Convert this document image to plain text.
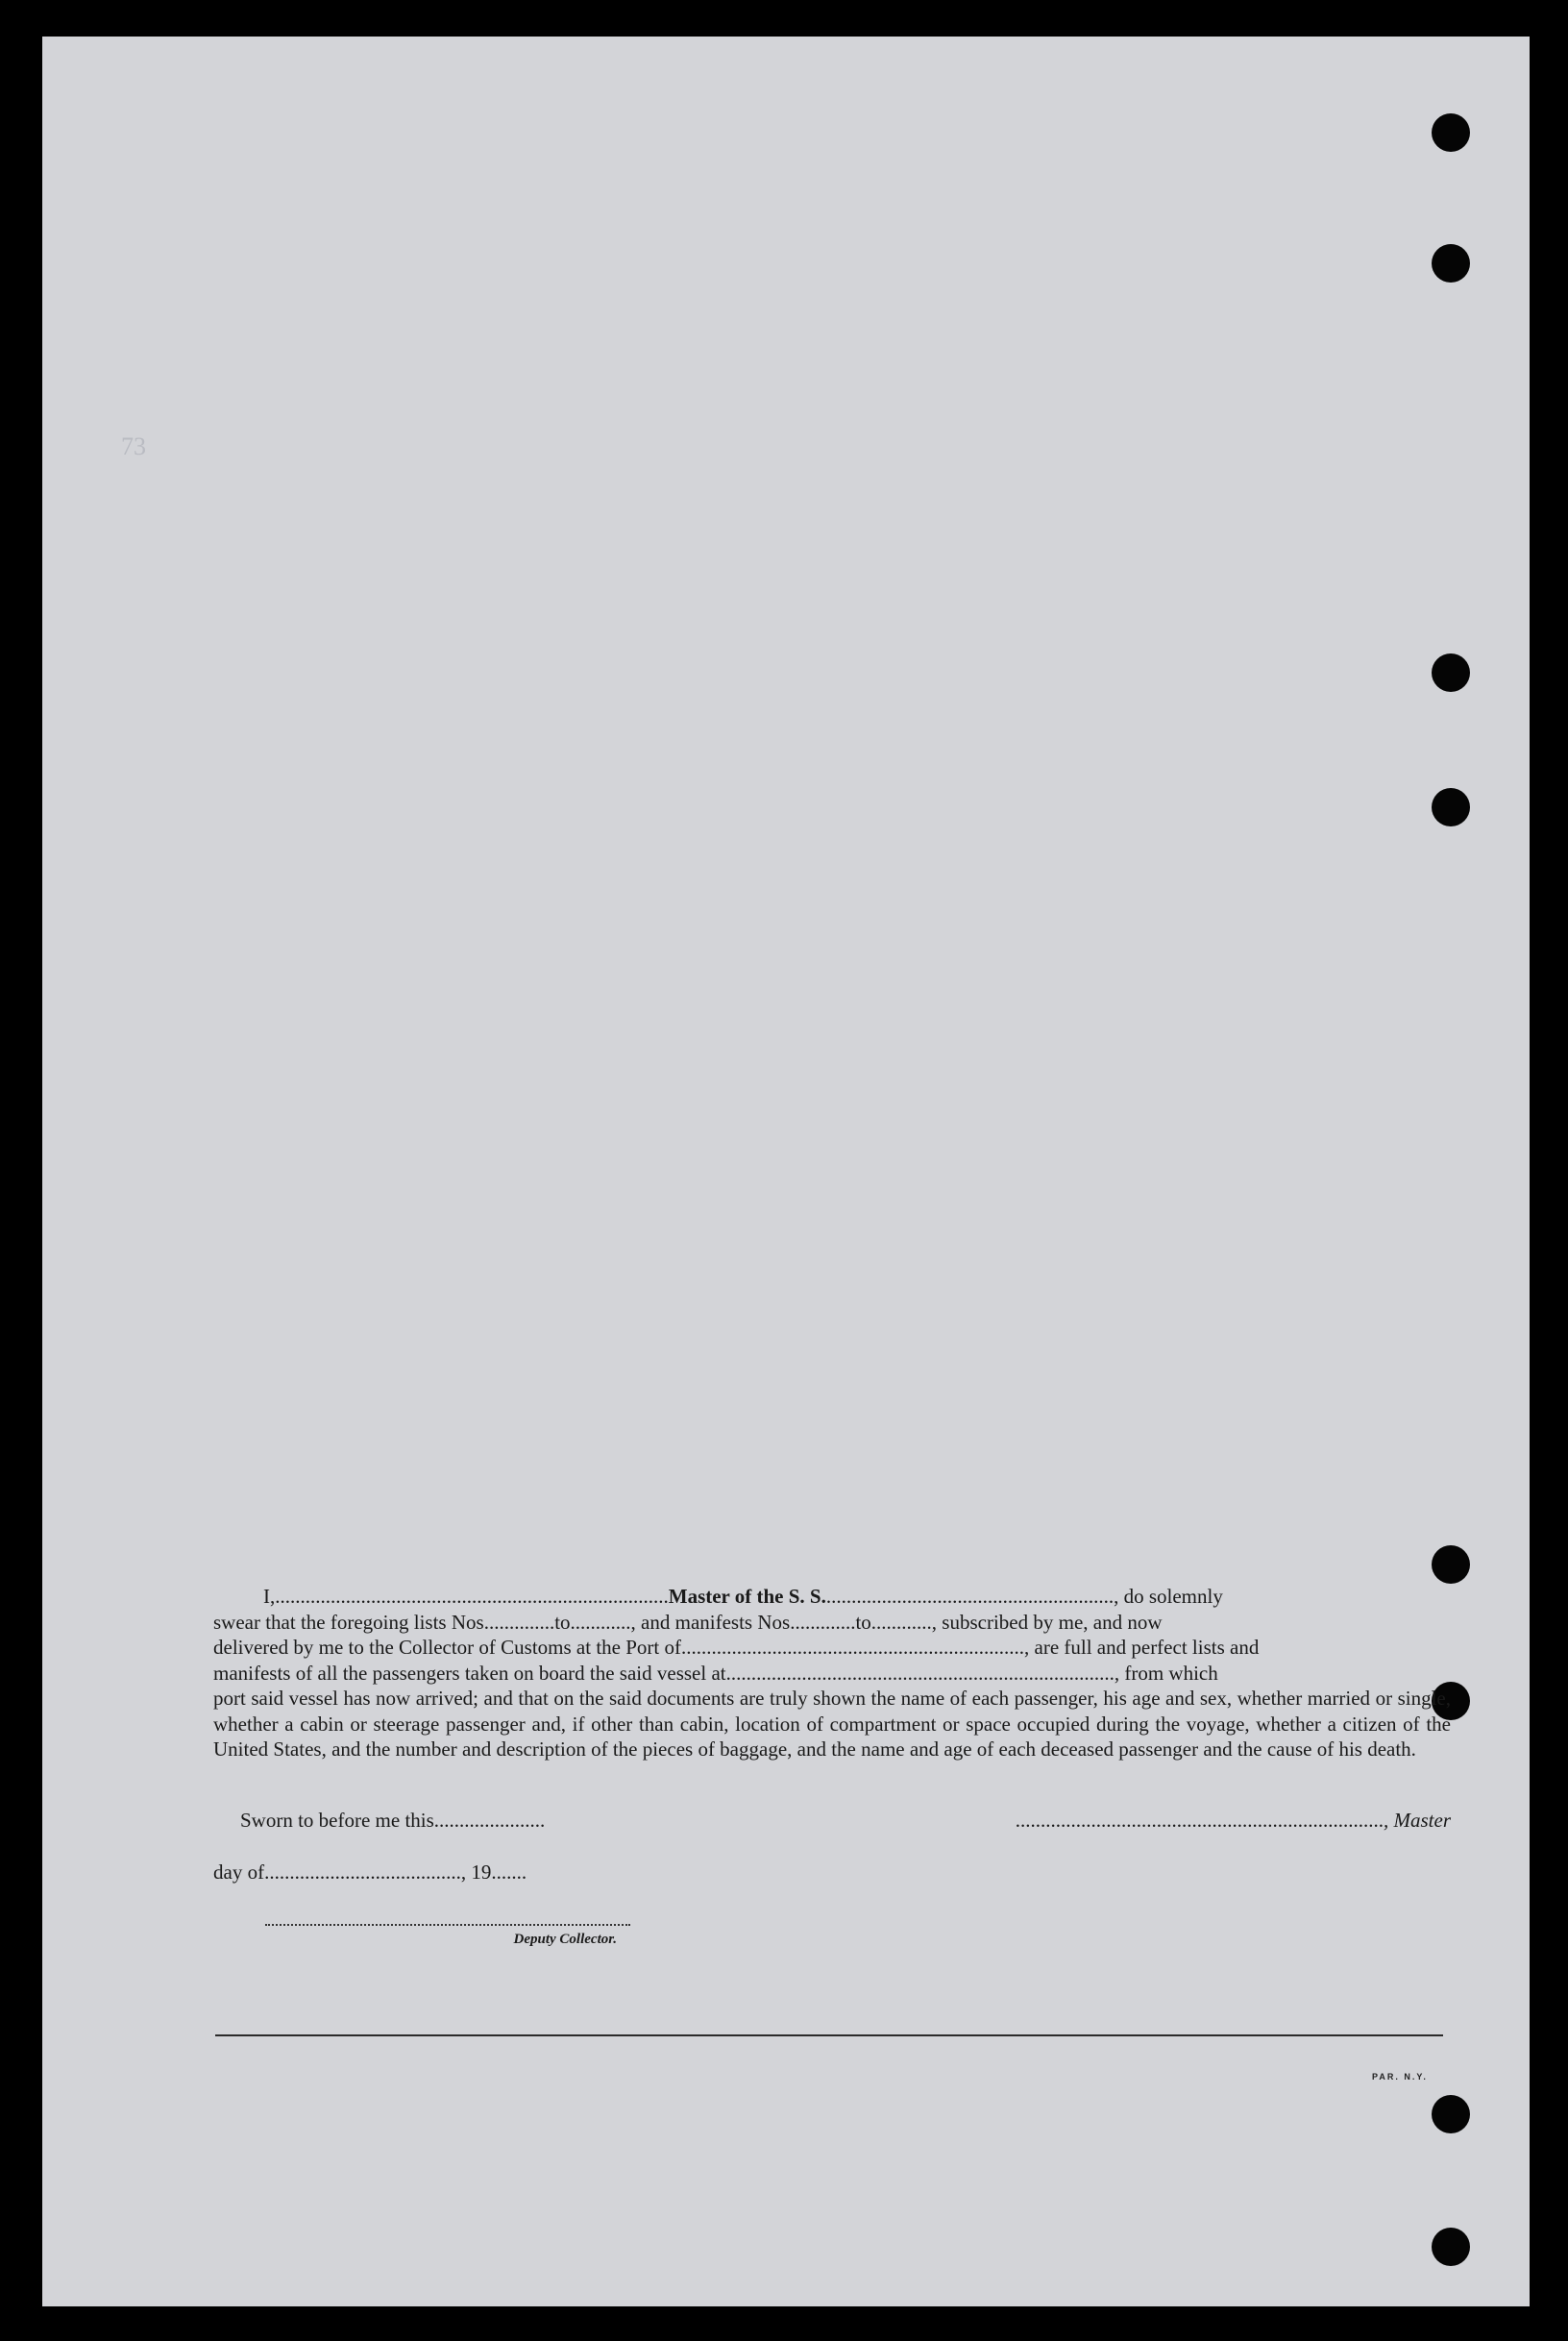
73
I,..............................................................................Master of the S. S.........................................................., do solemnly
swear that the foregoing lists Nos..............to............, and manifests Nos.............to............, subscribed by me, and now
delivered by me to the Collector of Customs at the Port of...................................................................., are full and perfect lists and
manifests of all the passengers taken on board the said vessel at............................................................................., from which
port said vessel has now arrived; and that on the said documents are truly shown the name of each passenger, his age and sex, whether married or single, whether a cabin or steerage passenger and, if other than cabin, location of compartment or space occupied during the voyage, whether a citizen of the United States, and the number and description of the pieces of baggage, and the name and age of each deceased passenger and the cause of his death.
Sworn to before me this......................	........................................................................., Master
day of......................................., 19.......
Deputy Collector.
PAR. N.Y.
